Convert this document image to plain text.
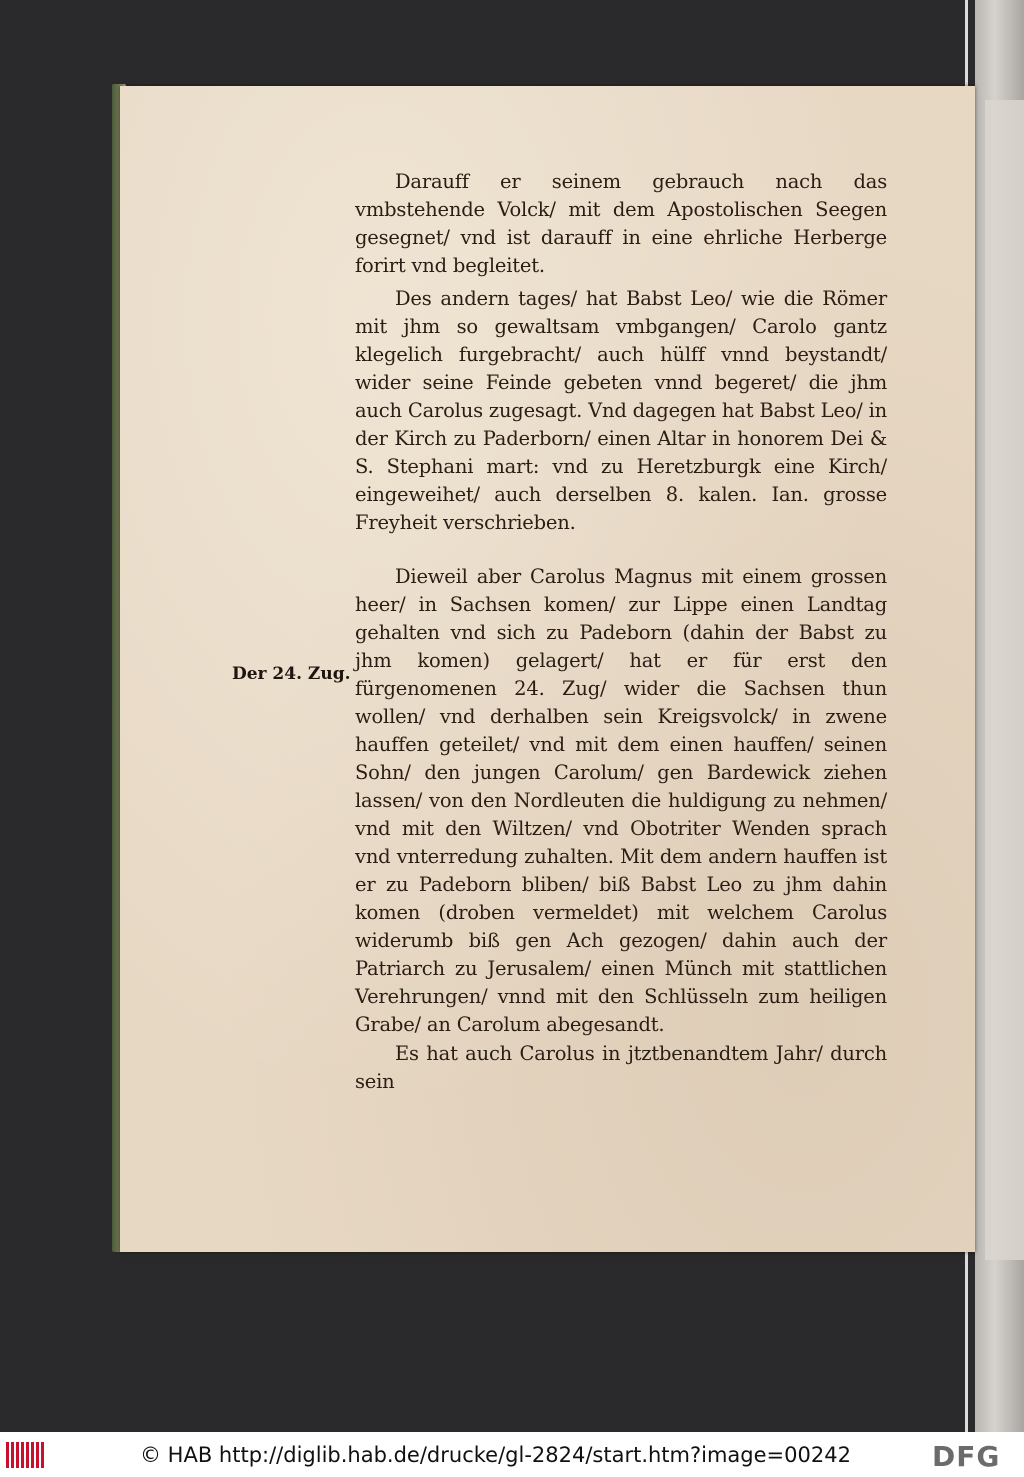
Der 24. Zug.

Darauff er seinem gebrauch nach das vmbstehende Volck/ mit dem Apostolischen Seegen gesegnet/ vnd ist darauff in eine ehrliche Herberge forirt vnd begleitet.

Des andern tages/ hat Babst Leo/ wie die Römer mit jhm so gewaltsam vmbgangen/ Carolo gantz klegelich furgebracht/ auch hülff vnnd beystandt/ wider seine Feinde gebeten vnnd begeret/ die jhm auch Carolus zugesagt. Vnd dagegen hat Babst Leo/ in der Kirch zu Paderborn/ einen Altar in honorem Dei & S. Stephani mart: vnd zu Heretzburgk eine Kirch/ eingeweihet/ auch derselben 8. kalen. Ian. grosse Freyheit verschrieben.

Dieweil aber Carolus Magnus mit einem grossen heer/ in Sachsen komen/ zur Lippe einen Landtag gehalten vnd sich zu Padeborn (dahin der Babst zu jhm komen) gelagert/ hat er für erst den fürgenomenen 24. Zug/ wider die Sachsen thun wollen/ vnd derhalben sein Kreigsvolck/ in zwene hauffen geteilet/ vnd mit dem einen hauffen/ seinen Sohn/ den jungen Carolum/ gen Bardewick ziehen lassen/ von den Nordleuten die huldigung zu nehmen/ vnd mit den Wiltzen/ vnd Obotriter Wenden sprach vnd vnterredung zuhalten. Mit dem andern hauffen ist er zu Padeborn bliben/ biß Babst Leo zu jhm dahin komen (droben vermeldet) mit welchem Carolus widerumb biß gen Ach gezogen/ dahin auch der Patriarch zu Jerusalem/ einen Münch mit stattlichen Verehrungen/ vnnd mit den Schlüsseln zum heiligen Grabe/ an Carolum abegesandt.

Es hat auch Carolus in jtztbenandtem Jahr/ durch sein

© HAB http://diglib.hab.de/drucke/gl-2824/start.htm?image=00242	DFG
